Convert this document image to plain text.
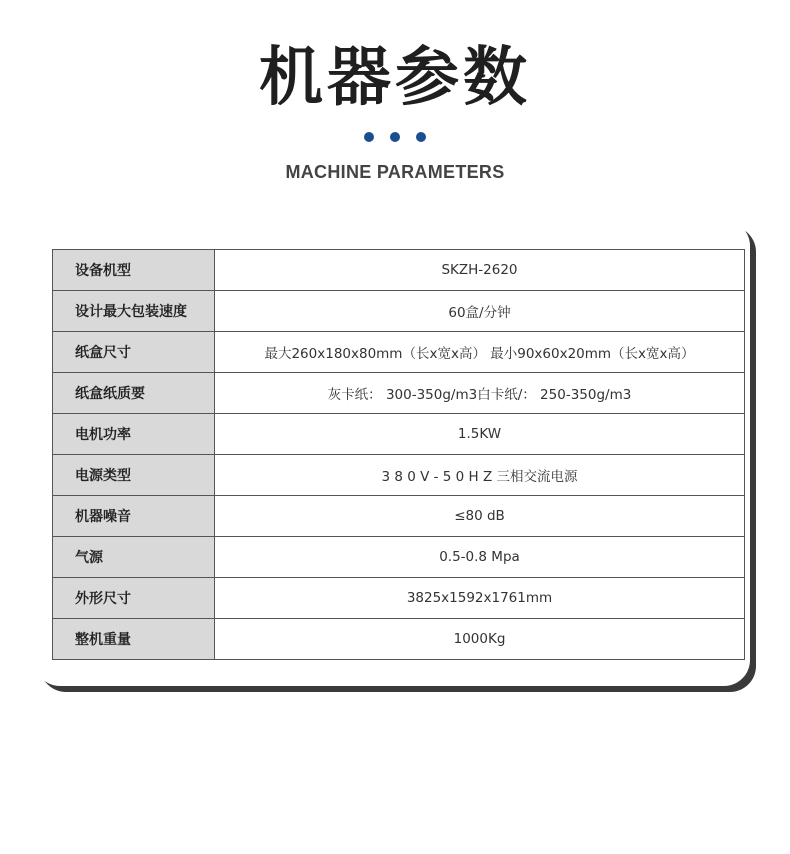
机器参数

MACHINE PARAMETERS
设备机型	SKZH-2620
设计最大包装速度	60盒/分钟
纸盒尺寸	最大260x180x80mm（长x宽x高） 最小90x60x20mm（长x宽x高）
纸盒纸质要	灰卡纸： 300-350g/m3白卡纸/： 250-350g/m3
电机功率	1.5KW
电源类型	3 8 0 V - 5 0 H Z 三相交流电源
机器噪音	≤80 dB
气源	0.5-0.8 Mpa
外形尺寸	3825x1592x1761mm
整机重量	1000Kg
